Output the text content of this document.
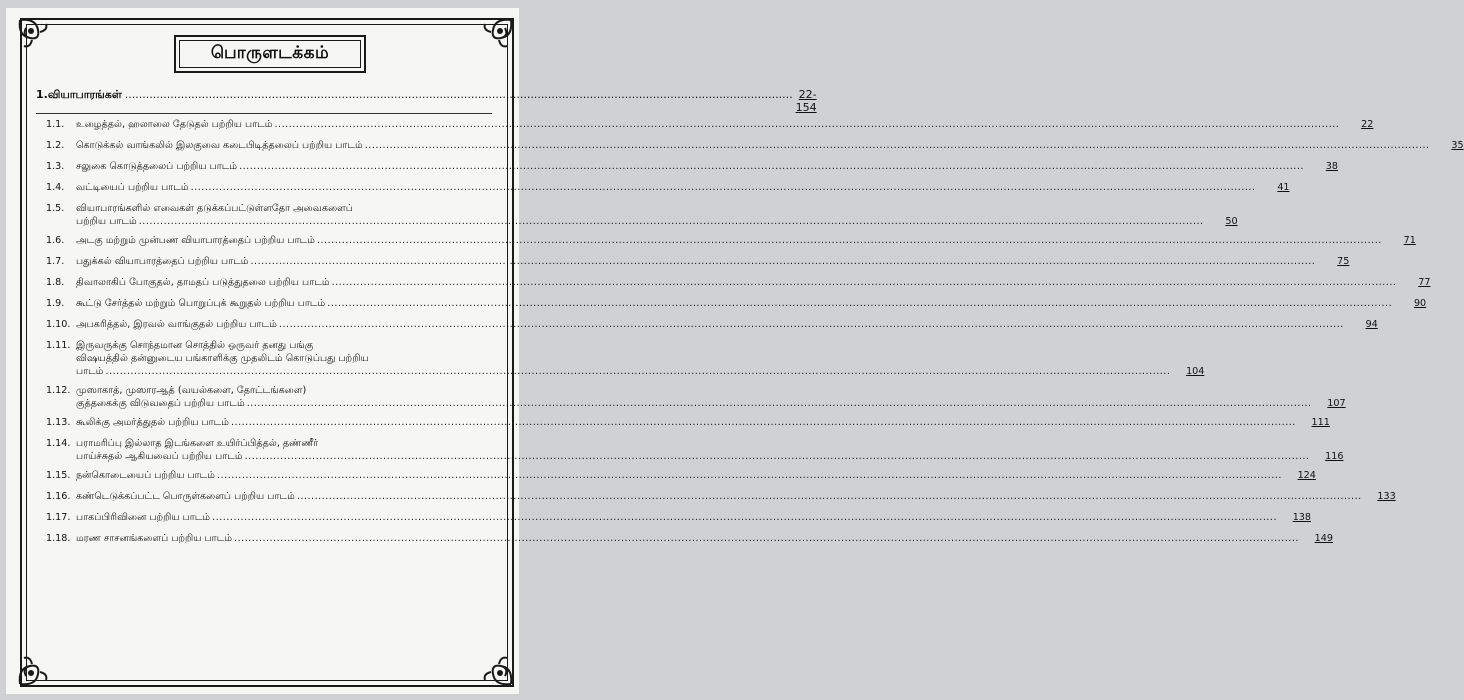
பொருளடக்கம்
1.வியாபாரங்கள் ............................................................................................................................................................................................... 22-154
1.1.	உழைத்தல், ஹலாலை தேடுதல் பற்றிய பாடம் ............................................................................................................................................................................................................................................................................................................	22
1.2.	கொடுக்கல் வாங்கலில் இலகுவை கடைபிடித்தலைப் பற்றிய பாடம் ............................................................................................................................................................................................................................................................................................................	35
1.3.	சலுகை கொடுத்தலைப் பற்றிய பாடம் ............................................................................................................................................................................................................................................................................................................	38
1.4.	வட்டியைப் பற்றிய பாடம் ............................................................................................................................................................................................................................................................................................................	41
1.5.	வியாபாரங்களில் எவைகள் தடுக்கப்பட்டுள்ளதோ அவைகளைப்
பற்றிய பாடம் ............................................................................................................................................................................................................................................................................................................	50
1.6.	அடகு மற்றும் முன்பண வியாபாரத்தைப் பற்றிய பாடம் ............................................................................................................................................................................................................................................................................................................	71
1.7.	பதுக்கல் வியாபாரத்தைப் பற்றிய பாடம் ............................................................................................................................................................................................................................................................................................................	75
1.8.	திவாலாகிப் போகுதல், தாமதப் படுத்துதலை பற்றிய பாடம் ............................................................................................................................................................................................................................................................................................................	77
1.9.	கூட்டு சேர்த்தல் மற்றும் பொறுப்புக் கூறுதல் பற்றிய பாடம் ............................................................................................................................................................................................................................................................................................................	90
1.10. அபகரித்தல், இரவல் வாங்குதல் பற்றிய பாடம் ............................................................................................................................................................................................................................................................................................................	94
1.11. இருவருக்கு சொந்தமான சொத்தில் ஒருவர் தனது பங்கு
விஷயத்தில் தன்னுடைய பங்காளிக்கு முதலிடம் கொடுப்பது பற்றிய
பாடம் ............................................................................................................................................................................................................................................................................................................	104
1.12. முஸாகாத், முஸாரஆத் (வயல்களை, தோட்டங்களை)
குத்தகைக்கு விடுவதைப் பற்றிய பாடம் ............................................................................................................................................................................................................................................................................................................	107
1.13. கூலிக்கு அமர்த்துதல் பற்றிய பாடம் ............................................................................................................................................................................................................................................................................................................	111
1.14. பராமரிப்பு இல்லாத இடங்களை உயிர்ப்பித்தல், தண்ணீர்
பாய்ச்சுதல் ஆகியவைப் பற்றிய பாடம் ............................................................................................................................................................................................................................................................................................................	116
1.15. நன்கொடையைப் பற்றிய பாடம் ............................................................................................................................................................................................................................................................................................................	124
1.16. கண்டெடுக்கப்பட்ட பொருள்களைப் பற்றிய பாடம் ............................................................................................................................................................................................................................................................................................................	133
1.17. பாகப்பிரிவினை பற்றிய பாடம் ............................................................................................................................................................................................................................................................................................................	138
1.18. மரண சாசனங்களைப் பற்றிய பாடம் ............................................................................................................................................................................................................................................................................................................	149
